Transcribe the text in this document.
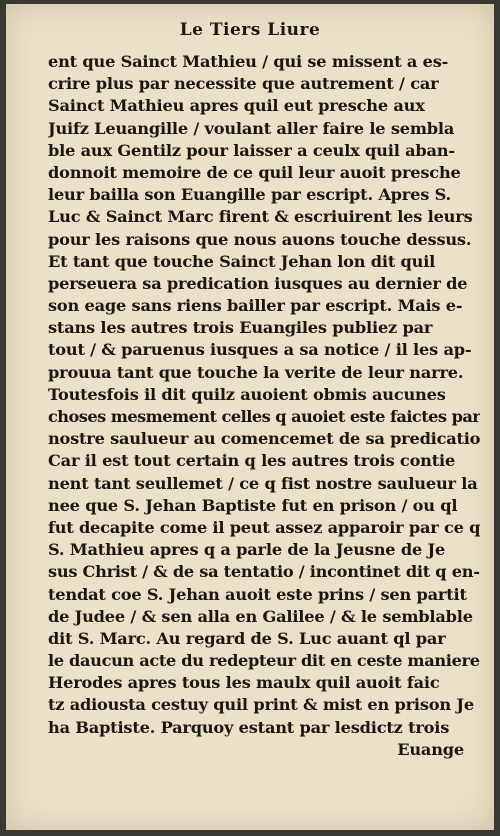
Le Tiers Liure
ent que Sainct Mathieu / qui se missent a es-
crire plus par necessite que autrement / car
Sainct Mathieu apres quil eut presche aux
Juifz Leuangille / voulant aller faire le sembla
ble aux Gentilz pour laisser a ceulx quil aban-
donnoit memoire de ce quil leur auoit presche
leur bailla son Euangille par escript. Apres S.
Luc & Sainct Marc firent & escriuirent les leurs
pour les raisons que nous auons touche dessus.
Et tant que touche Sainct Jehan lon dit quil
perseuera sa predication iusques au dernier de
son eage sans riens bailler par escript. Mais e-
stans les autres trois Euangiles publiez par
tout / & paruenus iusques a sa notice / il les ap-
prouua tant que touche la verite de leur narre.
Toutesfois il dit quilz auoient obmis aucunes
choses mesmement celles q auoiet este faictes par
nostre saulueur au comencemet de sa predicatio
Car il est tout certain q les autres trois contie
nent tant seullemet / ce q fist nostre saulueur la
nee que S. Jehan Baptiste fut en prison / ou ql
fut decapite come il peut assez apparoir par ce q
S. Mathieu apres q a parle de la Jeusne de Je
sus Christ / & de sa tentatio / incontinet dit q en-
tendat coe S. Jehan auoit este prins / sen partit
de Judee / & sen alla en Galilee / & le semblable
dit S. Marc. Au regard de S. Luc auant ql par
le daucun acte du redepteur dit en ceste maniere
Herodes apres tous les maulx quil auoit faic
tz adiousta cestuy quil print & mist en prison Je
ha Baptiste. Parquoy estant par lesdictz trois
Euange
